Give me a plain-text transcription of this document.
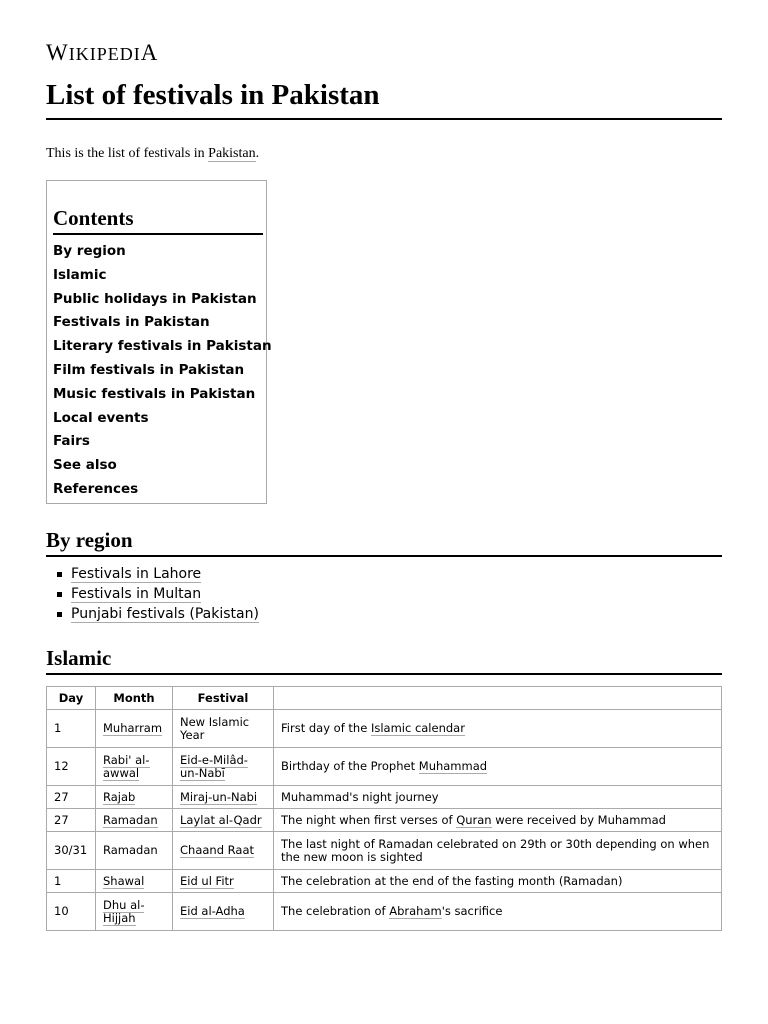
WIKIPEDIA
List of festivals in Pakistan

This is the list of festivals in Pakistan.

Contents
By region
Islamic
Public holidays in Pakistan
Festivals in Pakistan
Literary festivals in Pakistan
Film festivals in Pakistan
Music festivals in Pakistan
Local events
Fairs
See also
References
By region
Festivals in Lahore
Festivals in Multan
Punjabi festivals (Pakistan)
Islamic
Day	Month	Festival	
1	Muharram	New Islamic Year	First day of the Islamic calendar
12	Rabi' al-awwal	Eid-e-Milâd-un-Nabī	Birthday of the Prophet Muhammad
27	Rajab	Miraj-un-Nabi	Muhammad's night journey
27	Ramadan	Laylat al-Qadr	The night when first verses of Quran were received by Muhammad
30/31	Ramadan	Chaand Raat	The last night of Ramadan celebrated on 29th or 30th depending on when the new moon is sighted
1	Shawal	Eid ul Fitr	The celebration at the end of the fasting month (Ramadan)
10	Dhu al-Hijjah	Eid al-Adha	The celebration of Abraham's sacrifice
